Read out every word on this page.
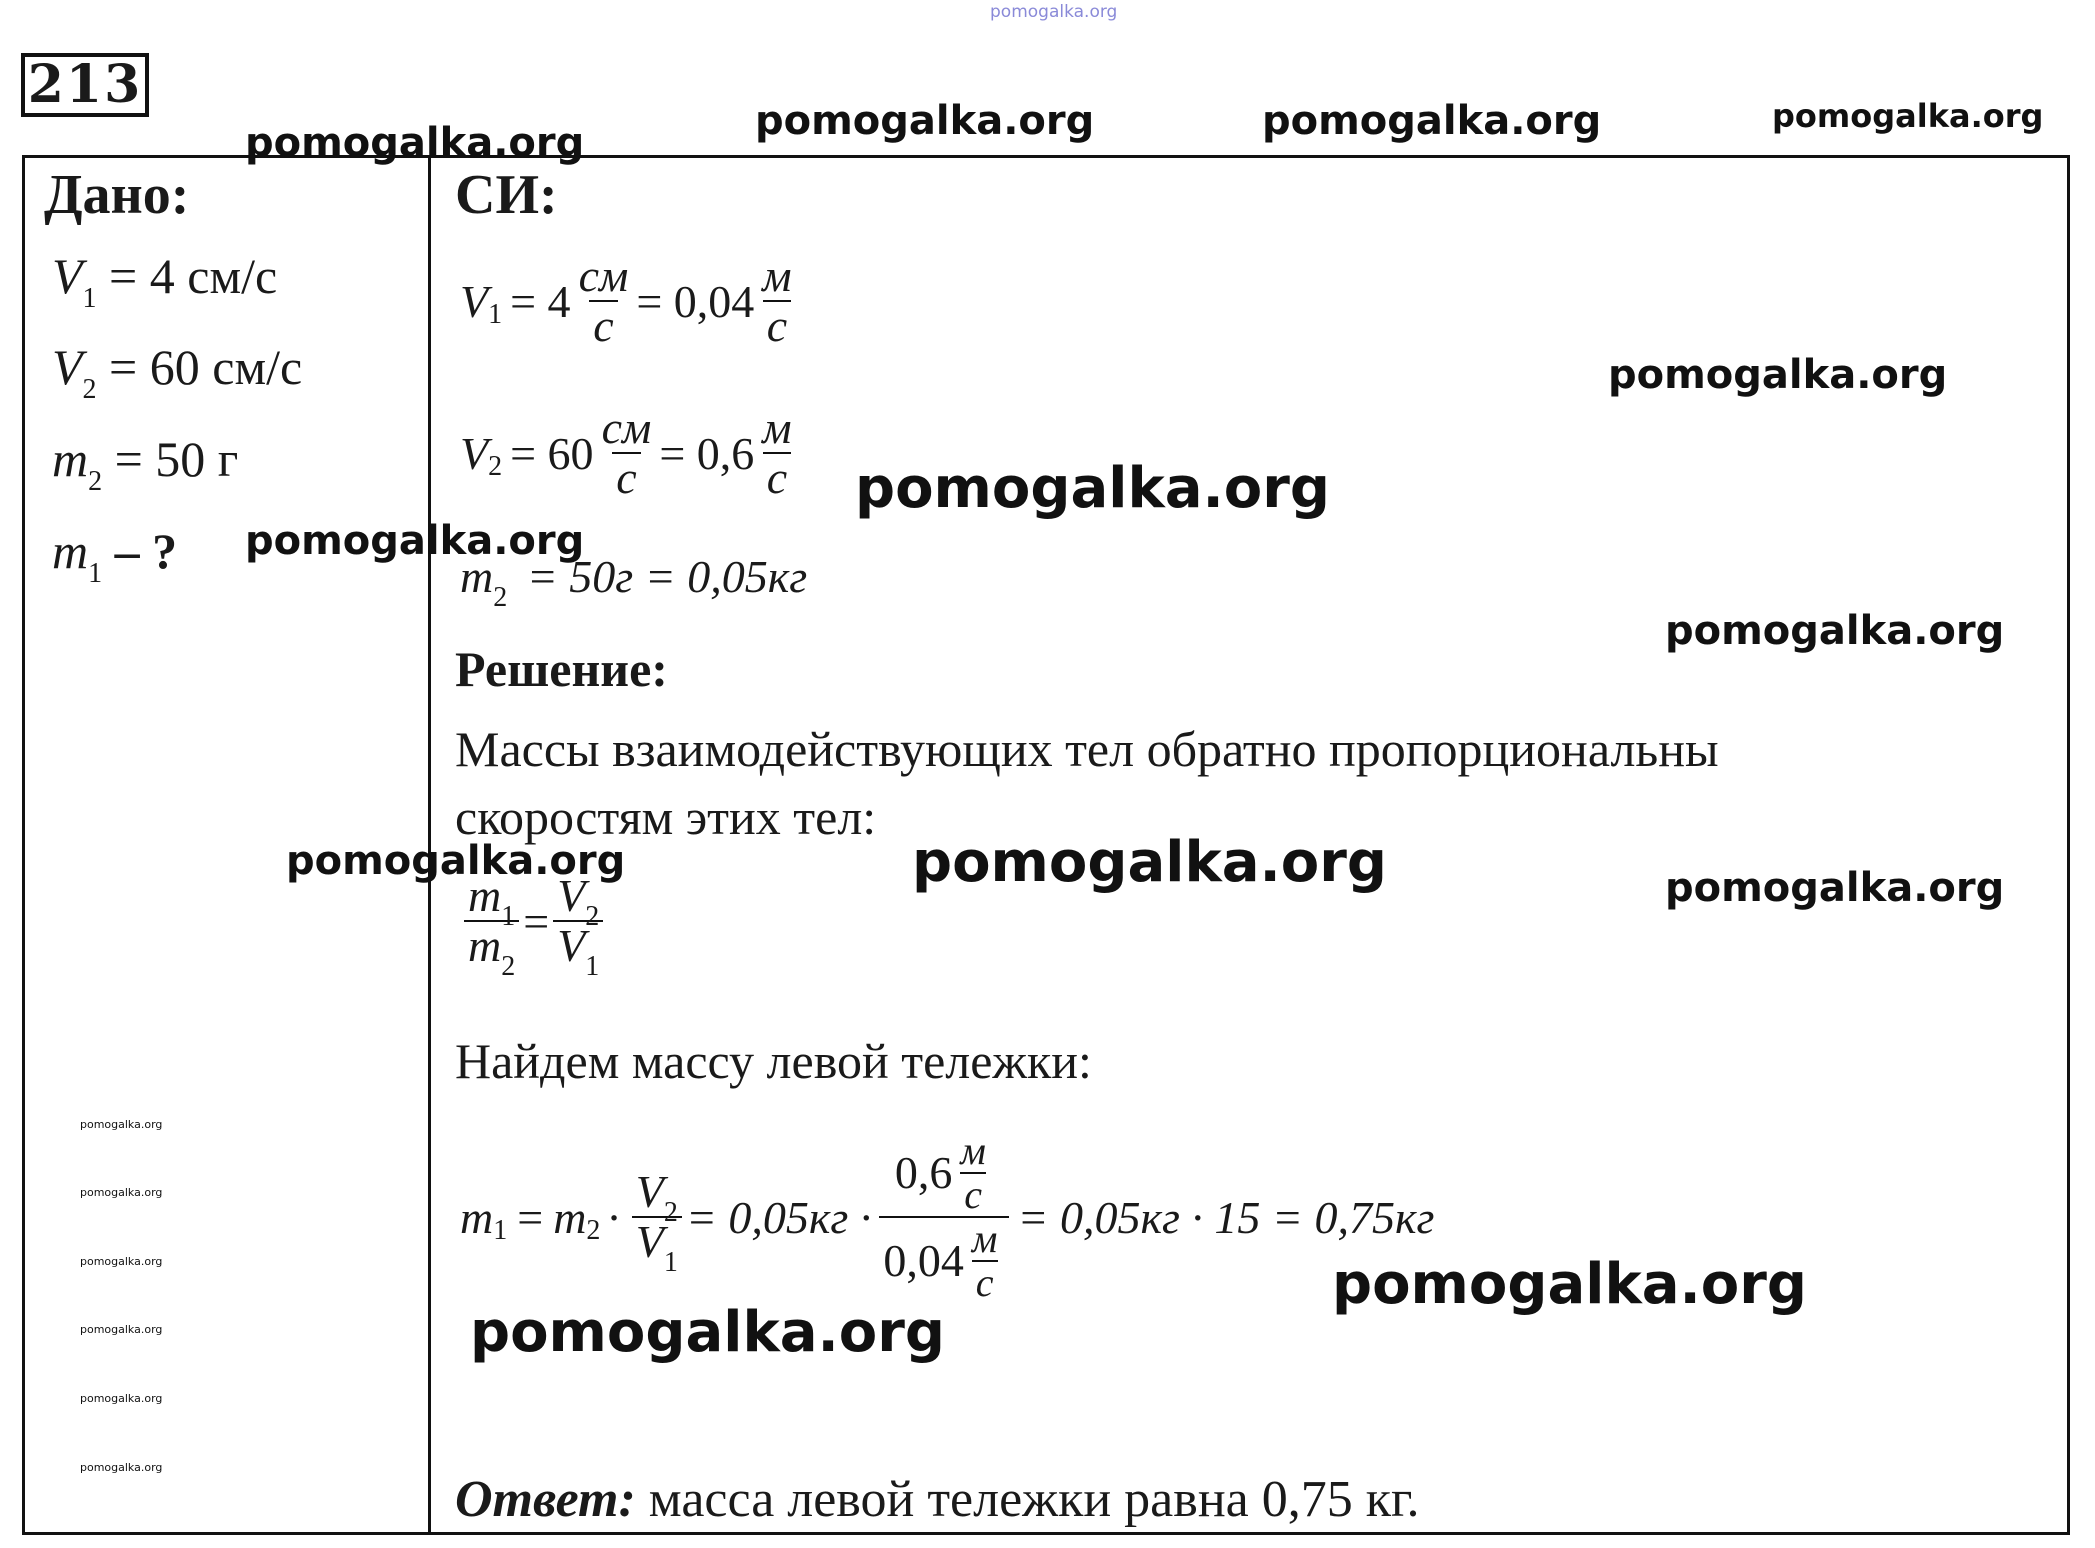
pomogalka.org
213
pomogalka.org	pomogalka.org	pomogalka.org
Дано:
$V_1 = 4$ см/с
$V_2 = 60$ см/с
$m_2 = 50$ г
$m_1$ – ?
pomogalka.org
pomogalka.org
pomogalka.org
pomogalka.org
pomogalka.org
pomogalka.org
pomogalka.org
pomogalka.org
pomogalka.org
СИ:
V $1 = 4 \frac{см}{с} = 0,04 \frac{м}{с}$
V $2 = 60 \frac{см}{с} = 0,6 \frac{м}{с}$
$m_2 = 50г = 0,05кг$
pomogalka.org
pomogalka.org
pomogalka.org
Решение:
Массы взаимодействующих тел обратно пропорциональны
скоростям этих тел:
pomogalka.org	pomogalka.org
$\frac{m_1}{m_2} = \frac{V_2}{V_1}$
Найдем массу левой тележки:
m 1 = m $2 \cdot \frac{V_2}{V_1} = 0,05кг \cdot \frac{0,6 \frac{м}{с}}{0,04 \frac{м}{с}} = 0,05кг \cdot 15 = 0,75кг$
pomogalka.org
pomogalka.org
Ответ: масса левой тележки равна 0,75 кг.
